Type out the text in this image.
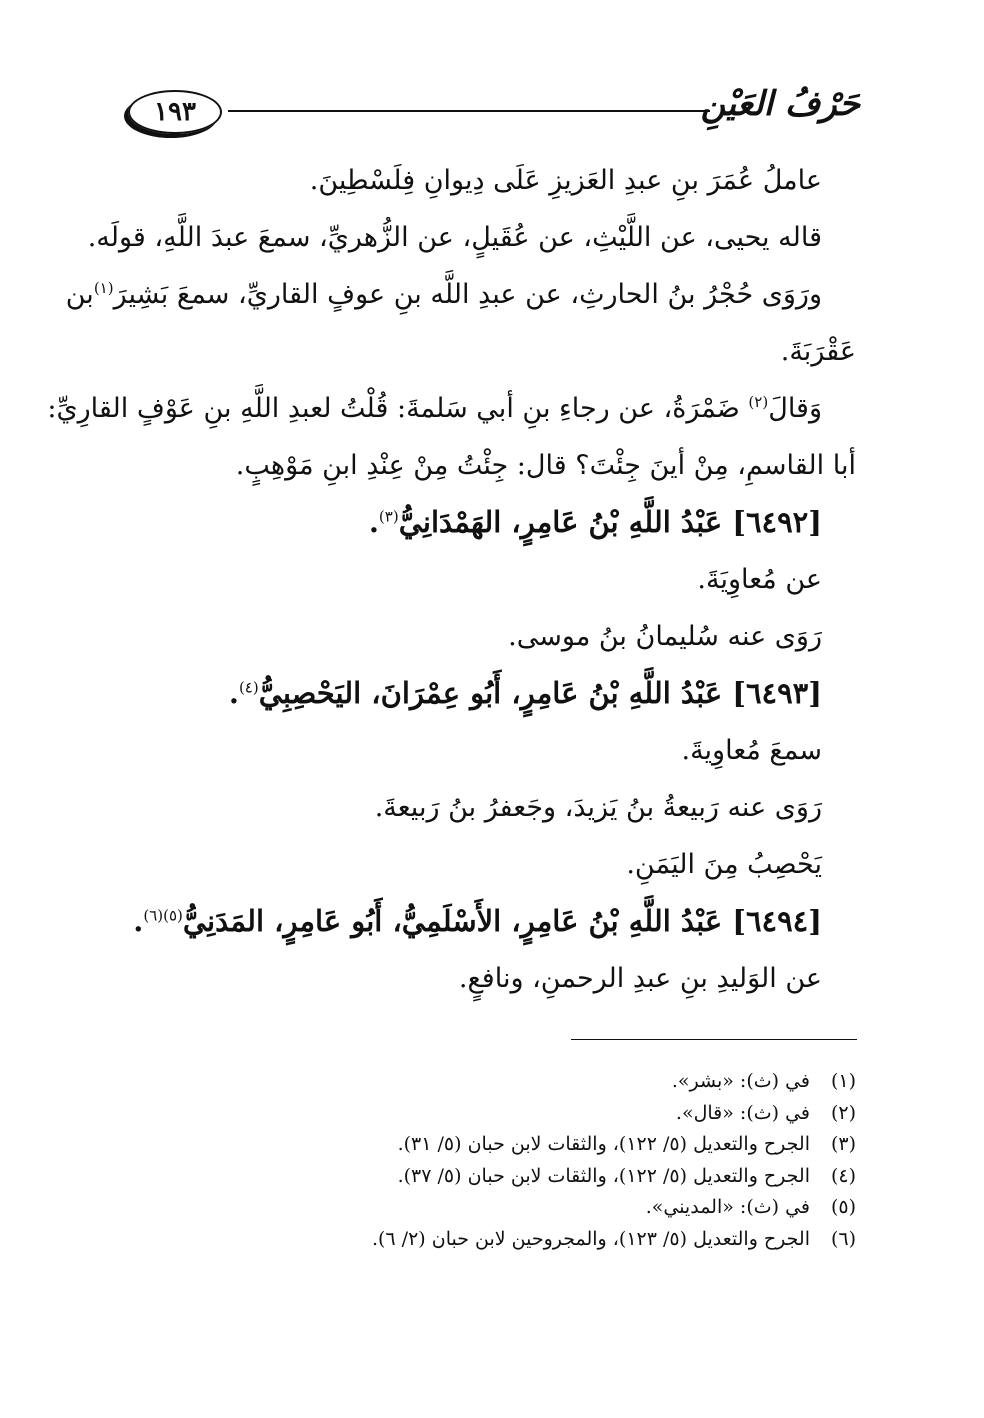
١٩٣	حَرْفُ العَيْنِ
عاملُ عُمَرَ بنِ عبدِ العَزيزِ عَلَى دِيوانِ فِلَسْطِينَ.
قاله يحيى، عن اللَّيْثِ، عن عُقَيلٍ، عن الزُّهريِّ، سمعَ عبدَ اللَّهِ، قولَه.
ورَوَى حُجْرُ بنُ الحارثِ، عن عبدِ اللَّه بنِ عوفٍ القاريِّ، سمعَ بَشِيرَ$^{(١)}$
بن
عَقْرَبَةَ.
وَقالَ$^{(٢)}$ ضَمْرَةُ، عن رجاءِ بنِ أبي سَلمةَ: قُلْتُ لعبدِ اللَّهِ بنِ عَوْفٍ القارِيِّ:
أبا القاسمِ، مِنْ أينَ جِئْتَ؟ قال: جِئْتُ مِنْ عِنْدِ ابنِ مَوْهِبٍ.
[٦٤٩٢] عَبْدُ اللَّهِ بْنُ عَامِرٍ، الهَمْدَانِيُّ$^{(٣)}$.
عن مُعاوِيَةَ.
رَوَى عنه سُليمانُ بنُ موسى.
[٦٤٩٣] عَبْدُ اللَّهِ بْنُ عَامِرٍ، أَبُو عِمْرَانَ، اليَحْصِبِيُّ$^{(٤)}$.
سمعَ مُعاوِيةَ.
رَوَى عنه رَبيعةُ بنُ يَزيدَ، وجَعفرُ بنُ رَبيعةَ.
يَحْصِبُ مِنَ اليَمَنِ.
[٦٤٩٤] عَبْدُ اللَّهِ بْنُ عَامِرٍ، الأَسْلَمِيُّ، أَبُو عَامِرٍ، المَدَنِيُّ$^{(٥)(٦)}$.
عن الوَليدِ بنِ عبدِ الرحمنِ، ونافعٍ.
(١)
في (ث): «بشر».
(٢)
في (ث): «قال».
(٣)
الجرح والتعديل (٥/ ١٢٢)، والثقات لابن حبان (٥/ ٣١).
(٤)
الجرح والتعديل (٥/ ١٢٢)، والثقات لابن حبان (٥/ ٣٧).
(٥)
في (ث): «المديني».
(٦)
الجرح والتعديل (٥/ ١٢٣)، والمجروحين لابن حبان (٢/ ٦).
